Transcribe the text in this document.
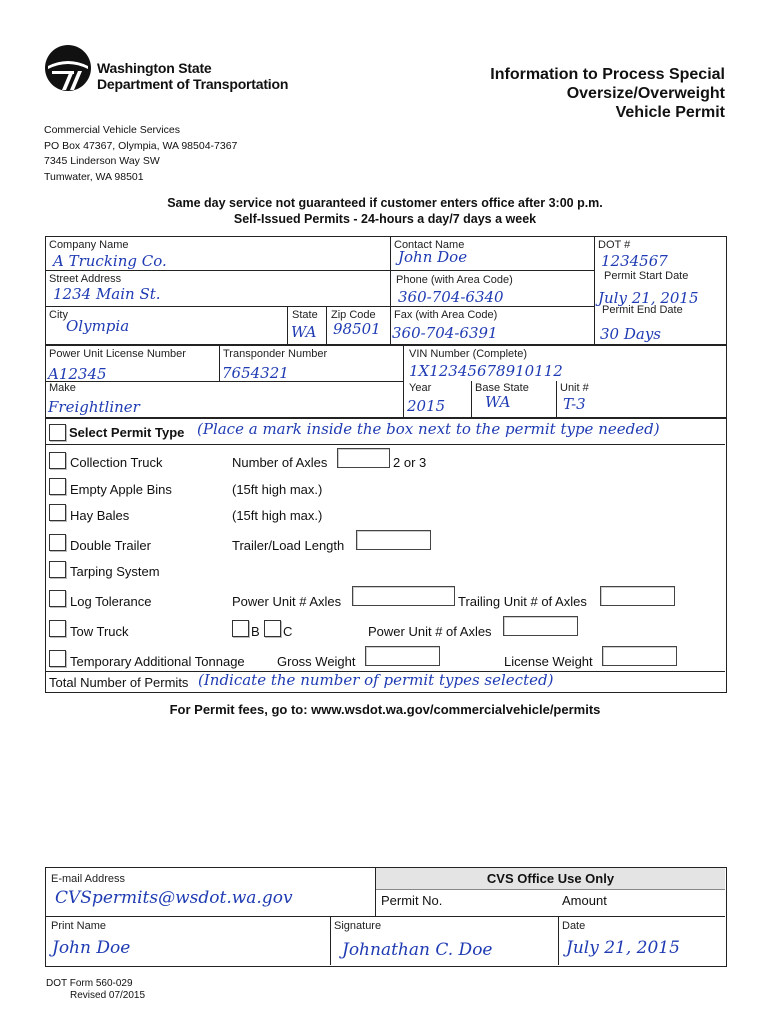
Washington State
Department of Transportation
Information to Process Special
Oversize/Overweight
Vehicle Permit
Commercial Vehicle Services
PO Box 47367, Olympia, WA 98504-7367
7345 Linderson Way SW
Tumwater, WA 98501
Same day service not guaranteed if customer enters office after 3:00 p.m.
Self-Issued Permits - 24-hours a day/7 days a week
Company Name
A Trucking Co.
Contact Name
John Doe
DOT #
1234567
Street Address
1234 Main St.
Phone (with Area Code)
360-704-6340
Permit Start Date
July 21, 2015
City
Olympia
State
WA
Zip Code
98501
Fax (with Area Code)
360-704-6391
Permit End Date
30 Days
Power Unit License Number
A12345
Transponder Number
7654321
VIN Number (Complete)
1X12345678910112
Make
Freightliner
Year
2015
Base State
WA
Unit #
T-3
Select Permit Type (Place a mark inside the box next to the permit type needed)
Collection Truck	Number of Axles	2 or 3
Empty Apple Bins	(15ft high max.)
Hay Bales	(15ft high max.)
Double Trailer	Trailer/Load Length
Tarping System
Log Tolerance	Power Unit # Axles	Trailing Unit # of Axles
Tow Truck	B C	Power Unit # of Axles
Temporary Additional Tonnage Gross Weight	License Weight
Total Number of Permits (Indicate the number of permit types selected)
For Permit fees, go to: www.wsdot.wa.gov/commercialvehicle/permits
CVS Office Use Only
E-mail Address
CVSpermits@wsdot.wa.gov	Permit No.	Amount
Print Name
John Doe
Signature
Johnathan C. Doe
Date
July 21, 2015
DOT Form 560-029
Revised 07/2015
